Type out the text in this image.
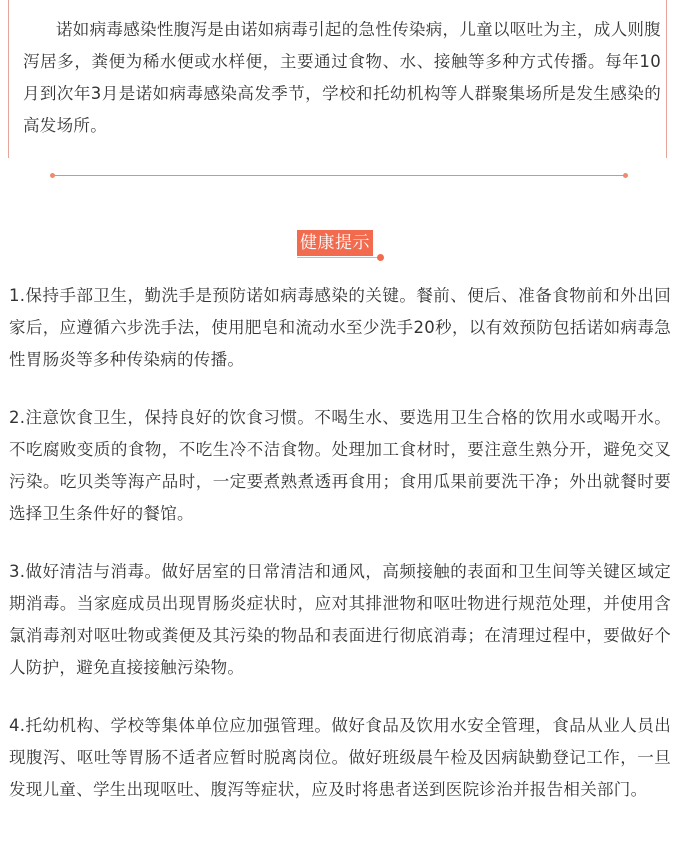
诺如病毒感染性腹泻是由诺如病毒引起的急性传染病，儿童以呕吐为主，成人则腹泻居多，粪便为稀水便或水样便，主要通过食物、水、接触等多种方式传播。每年10月到次年3月是诺如病毒感染高发季节，学校和托幼机构等人群聚集场所是发生感染的高发场所。

健康提示

1.保持手部卫生，勤洗手是预防诺如病毒感染的关键。餐前、便后、准备食物前和外出回家后，应遵循六步洗手法，使用肥皂和流动水至少洗手20秒，以有效预防包括诺如病毒急性胃肠炎等多种传染病的传播。

2.注意饮食卫生，保持良好的饮食习惯。不喝生水、要选用卫生合格的饮用水或喝开水。不吃腐败变质的食物，不吃生冷不洁食物。处理加工食材时，要注意生熟分开，避免交叉污染。吃贝类等海产品时，一定要煮熟煮透再食用；食用瓜果前要洗干净；外出就餐时要选择卫生条件好的餐馆。

3.做好清洁与消毒。做好居室的日常清洁和通风，高频接触的表面和卫生间等关键区域定期消毒。当家庭成员出现胃肠炎症状时，应对其排泄物和呕吐物进行规范处理，并使用含氯消毒剂对呕吐物或粪便及其污染的物品和表面进行彻底消毒；在清理过程中，要做好个人防护，避免直接接触污染物。

4.托幼机构、学校等集体单位应加强管理。做好食品及饮用水安全管理，食品从业人员出现腹泻、呕吐等胃肠不适者应暂时脱离岗位。做好班级晨午检及因病缺勤登记工作，一旦发现儿童、学生出现呕吐、腹泻等症状，应及时将患者送到医院诊治并报告相关部门。
